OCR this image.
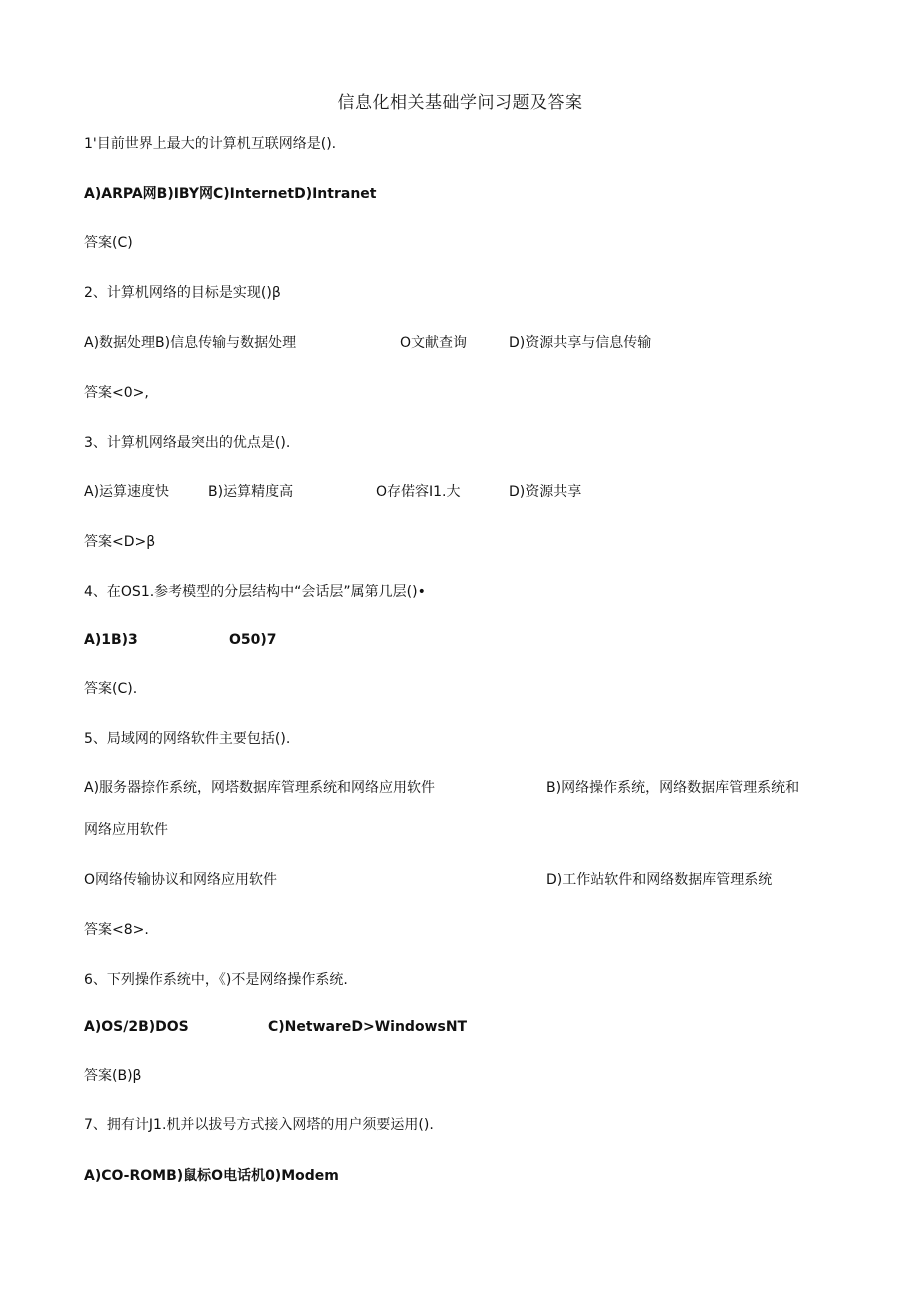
信息化相关基础学问习题及答案
1'目前世界上最大的计算机互联网络是().
A)ARPA网B)IBY网C)InternetD)Intranet
答案(C)
2、计算机网络的目标是实现()β
A)数据处理B)信息传输与数据处理	O文献查询	D)资源共享与信息传输
答案<0>,
3、计算机网络最突出的优点是().
A)运算速度快	B)运算精度高	O存偌容I1.大	D)资源共享
答案<D>β
4、在OS1.参考模型的分层结构中“会话层”属第几层()•
A)1B)3	O50)7
答案(C).
5、局域网的网络软件主要包括().
A)服务器捺作系统，网塔数据库管理系统和网络应用软件	B)网络操作系统，网络数据库管理系统和
网络应用软件
O网络传输协议和网络应用软件	D)工作站软件和网络数据库管理系统
答案<8>.
6、下列操作系统中，《)不是网络操作系统.
A)OS/2B)DOS	C)NetwareD>WindowsNT
答案(B)β
7、拥有计J1.机并以拔号方式接入网塔的用户须要运用().
A)CO-ROMB)鼠标O电话机0)Modem
